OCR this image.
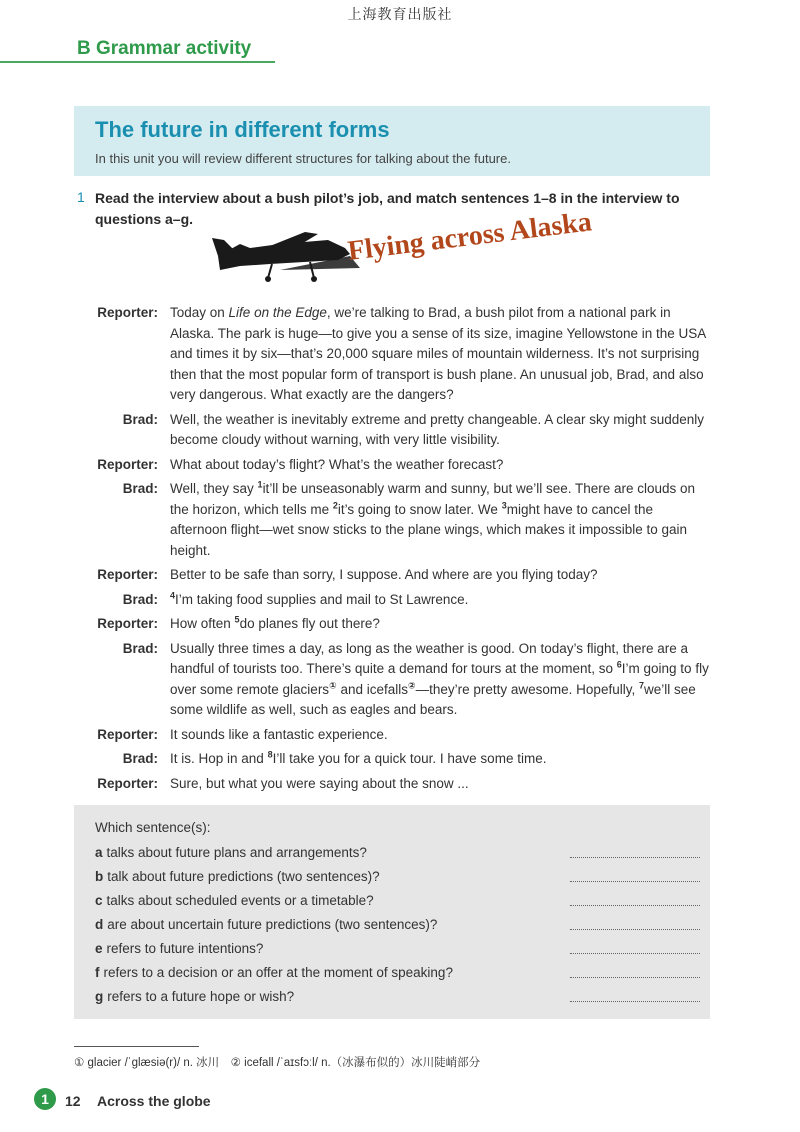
上海教育出版社
B Grammar activity
The future in different forms
In this unit you will review different structures for talking about the future.
1 Read the interview about a bush pilot’s job, and match sentences 1–8 in the interview to questions a–g.	Flying across Alaska
Reporter: Today on Life on the Edge, we’re talking to Brad, a bush pilot from a national park in Alaska. The park is huge—to give you a sense of its size, imagine Yellowstone in the USA and times it by six—that’s 20,000 square miles of mountain wilderness. It’s not surprising then that the most popular form of transport is bush plane. An unusual job, Brad, and also very dangerous. What exactly are the dangers?
Brad: Well, the weather is inevitably extreme and pretty changeable. A clear sky might suddenly become cloudy without warning, with very little visibility.
Reporter: What about today’s flight? What’s the weather forecast?
Brad: Well, they say $^1$it’ll be unseasonably warm and sunny, but we’ll see. There are clouds on the horizon, which tells me $^2$it’s going to snow later. We $^3$might have to cancel the afternoon flight—wet snow sticks to the plane wings, which makes it impossible to gain height.
Reporter: Better to be safe than sorry, I suppose. And where are you flying today?
Brad:	$^4$I’m taking food supplies and mail to St Lawrence.
Reporter: How often $^5$do planes fly out there?
Brad: Usually three times a day, as long as the weather is good. On today’s flight, there are a handful of tourists too. There’s quite a demand for tours at the moment, so $^6$I’m going to fly over some remote glaciers① and icefalls②—they’re pretty awesome. Hopefully, $^7$we’ll see some wildlife as well, such as eagles and bears.
Reporter: It sounds like a fantastic experience.
Brad: It is. Hop in and $^8$I’ll take you for a quick tour. I have some time.
Reporter: Sure, but what you were saying about the snow ...
Which sentence(s):
a talks about future plans and arrangements?
b talk about future predictions (two sentences)?
c talks about scheduled events or a timetable?
d are about uncertain future predictions (two sentences)?
e refers to future intentions?
f refers to a decision or an offer at the moment of speaking?
g refers to a future hope or wish?
① glacier /ˈɡlæsiə(r)/ n. 冰川　② icefall /ˈaɪsfɔːl/ n.（冰瀑布似的）冰川陡峭部分
1	12 Across the globe
